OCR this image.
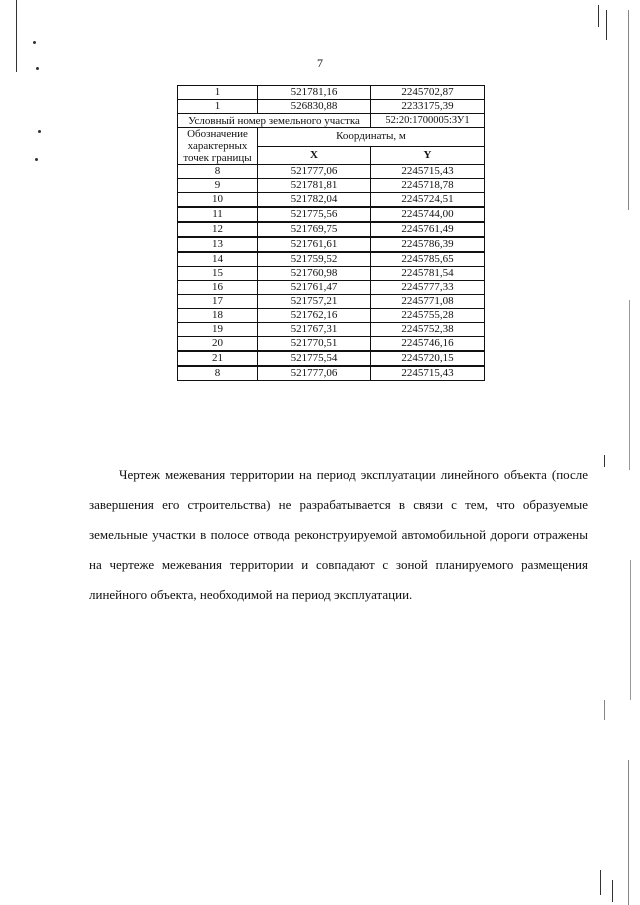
7
1	521781,16	2245702,87
1	526830,88	2233175,39
Условный номер земельного участка		52:20:1700005:ЗУ1
Обозначение характерных точек границы	Координаты, м	
	X	Y
8	521777,06	2245715,43
9	521781,81	2245718,78
10	521782,04	2245724,51
11	521775,56	2245744,00
12	521769,75	2245761,49
13	521761,61	2245786,39
14	521759,52	2245785,65
15	521760,98	2245781,54
16	521761,47	2245777,33
17	521757,21	2245771,08
18	521762,16	2245755,28
19	521767,31	2245752,38
20	521770,51	2245746,16
21	521775,54	2245720,15
8	521777,06	2245715,43

Чертеж межевания территории на период эксплуатации линейного объекта (после завершения его строительства) не разрабатывается в связи с тем, что образуемые земельные участки в полосе отвода реконструируемой автомобильной дороги отражены на чертеже межевания территории и совпадают с зоной планируемого размещения линейного объекта, необходимой на период эксплуатации.
